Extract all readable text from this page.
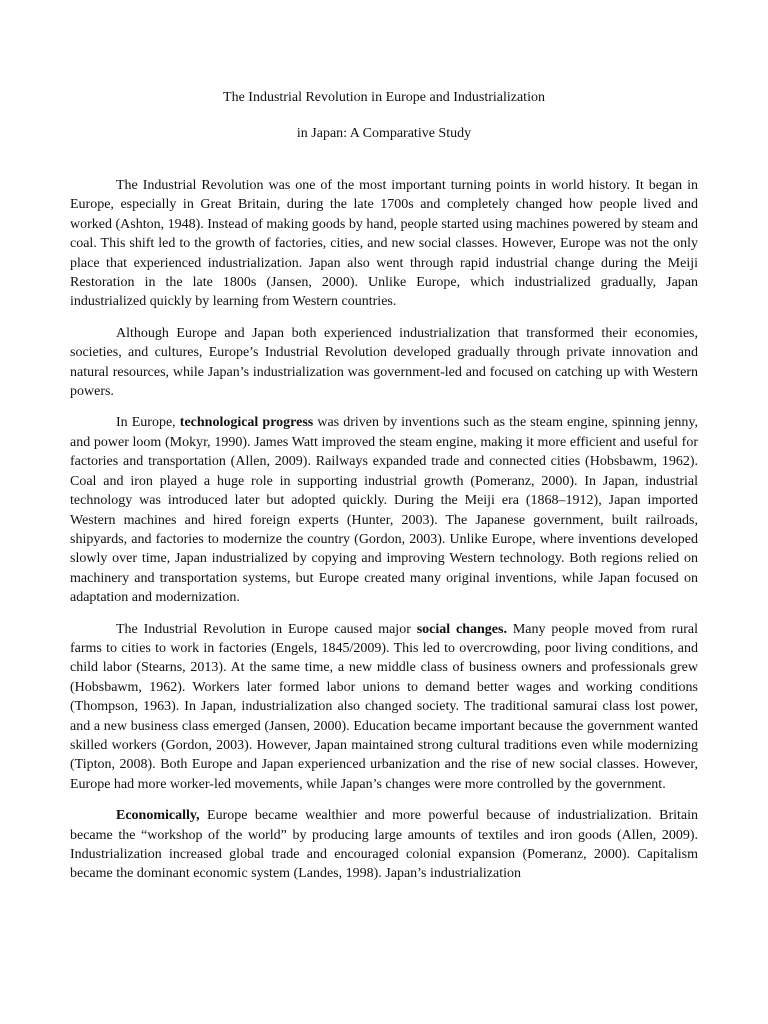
The Industrial Revolution in Europe and Industrialization

in Japan: A Comparative Study

The Industrial Revolution was one of the most important turning points in world history. It began in Europe, especially in Great Britain, during the late 1700s and completely changed how people lived and worked (Ashton, 1948). Instead of making goods by hand, people started using machines powered by steam and coal. This shift led to the growth of factories, cities, and new social classes. However, Europe was not the only place that experienced industrialization. Japan also went through rapid industrial change during the Meiji Restoration in the late 1800s (Jansen, 2000). Unlike Europe, which industrialized gradually, Japan industrialized quickly by learning from Western countries.

Although Europe and Japan both experienced industrialization that transformed their economies, societies, and cultures, Europe’s Industrial Revolution developed gradually through private innovation and natural resources, while Japan’s industrialization was government-led and focused on catching up with Western powers.

In Europe, technological progress was driven by inventions such as the steam engine, spinning jenny, and power loom (Mokyr, 1990). James Watt improved the steam engine, making it more efficient and useful for factories and transportation (Allen, 2009). Railways expanded trade and connected cities (Hobsbawm, 1962). Coal and iron played a huge role in supporting industrial growth (Pomeranz, 2000). In Japan, industrial technology was introduced later but adopted quickly. During the Meiji era (1868–1912), Japan imported Western machines and hired foreign experts (Hunter, 2003). The Japanese government, built railroads, shipyards, and factories to modernize the country (Gordon, 2003). Unlike Europe, where inventions developed slowly over time, Japan industrialized by copying and improving Western technology. Both regions relied on machinery and transportation systems, but Europe created many original inventions, while Japan focused on adaptation and modernization.

The Industrial Revolution in Europe caused major social changes. Many people moved from rural farms to cities to work in factories (Engels, 1845/2009). This led to overcrowding, poor living conditions, and child labor (Stearns, 2013). At the same time, a new middle class of business owners and professionals grew (Hobsbawm, 1962). Workers later formed labor unions to demand better wages and working conditions (Thompson, 1963). In Japan, industrialization also changed society. The traditional samurai class lost power, and a new business class emerged (Jansen, 2000). Education became important because the government wanted skilled workers (Gordon, 2003). However, Japan maintained strong cultural traditions even while modernizing (Tipton, 2008). Both Europe and Japan experienced urbanization and the rise of new social classes. However, Europe had more worker-led movements, while Japan’s changes were more controlled by the government.

Economically, Europe became wealthier and more powerful because of industrialization. Britain became the “workshop of the world” by producing large amounts of textiles and iron goods (Allen, 2009). Industrialization increased global trade and encouraged colonial expansion (Pomeranz, 2000). Capitalism became the dominant economic system (Landes, 1998). Japan’s industrialization
